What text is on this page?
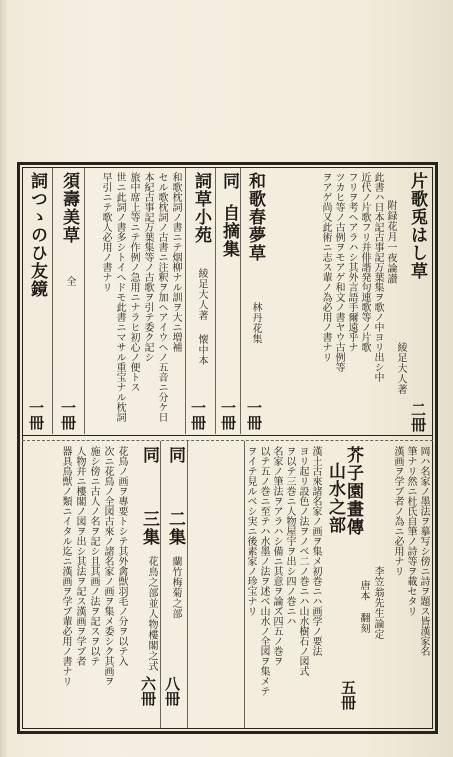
片歌兎はし草
綾足大人著
二冊
附録花月一夜論讃
此書ハ日本記古事記万葉集ヲ歌ノ中ヨリ出シ中
近代ノ片歌フリ并俳諧発句連歌等ノ片歌
フリヲ考ヘアラハシ其外言語手爾遠乎ナ
ツカヒ等ノ古例ヲモアゲ和文ノ書ヤウ古例等
ヲアゲ尚又此術ニ志ス輩ノ為必用ノ書ナリ
和歌春夢草
林丹花集
一冊
同
自摘集
一冊
詞草小苑
綾足大人著
懐中本
一冊
和歌枕詞ノ書ニテ烟柳ナル訓ヲ大ニ増補
セル歌枕詞ノ古書ニ注釈ヲ加ヘアイウヘノ五音ニ分ケ日
本紀古事記万葉集等ノ古歌ヲ引テ委ク記シ
旅中席上等ニテ作例ノ急用ニナラヒ初心ノ便トス
世ニ此詞ノ書多シトイヘドモ此書ニマサル重宝ナル枕詞
早引ニテ歌人必用ノ書ナリ
須壽美草
全
一冊
詞つゝのひ友鏡
一冊
岡ハ名家ノ墨法ヲ摹写シ傍ニ詩ヲ題ス皆漢家名
筆ナリ然ニ杜氏自筆ノ詩等ヲ載セタリ
漢画ヲ学ブ者ノ為ニ必用ナリ
芥子園畫傳
山水之部
李笠翁先生論定
唐本 翻刻
五冊
漢土古來諸名家ノ画ヲ集メ初巻ニハ画学ノ要法
ヨリ起リ設色ノ法ヲノベ二ノ巻ニハ山水樹石ノ図式
ヲ以テ三巻ニ人物屋宇ヲ出シ四ノ巻ニハ
名家ノ筆法ヲアラハシ備ニ其意ヲ論ズ四五ノ巻ヲ
以テ五ノ巻ニ至テハ水墨ノ法ヲ述ベ山水ノ全図ヲ集メテ
ヲイテ見ルベシ実ニ後素家ノ珍宝ナリ
同
二集
蘭竹梅菊之部
八冊
同
三集
花鳥之部並人物樓閣之式
六冊
花鳥ノ画ヲ專要トシテ其外禽獣羽毛ノ分ヲ以テ入
次ニ花鳥ノ全図古來ノ諸名家ノ画ヲ集メ委シク其画ヲ
施シ傍ニ古人ノ名ヲ記シ且其画ノ法ヲ記スヲ以テ
人物并ニ樓閣ノ図ヲ出シ其法ヲ記ス漢画ヲ学ブ者
器具鳥獣ノ類ニイタル迄ニ漢画ヲ学ブ輩必用ノ書ナリ
